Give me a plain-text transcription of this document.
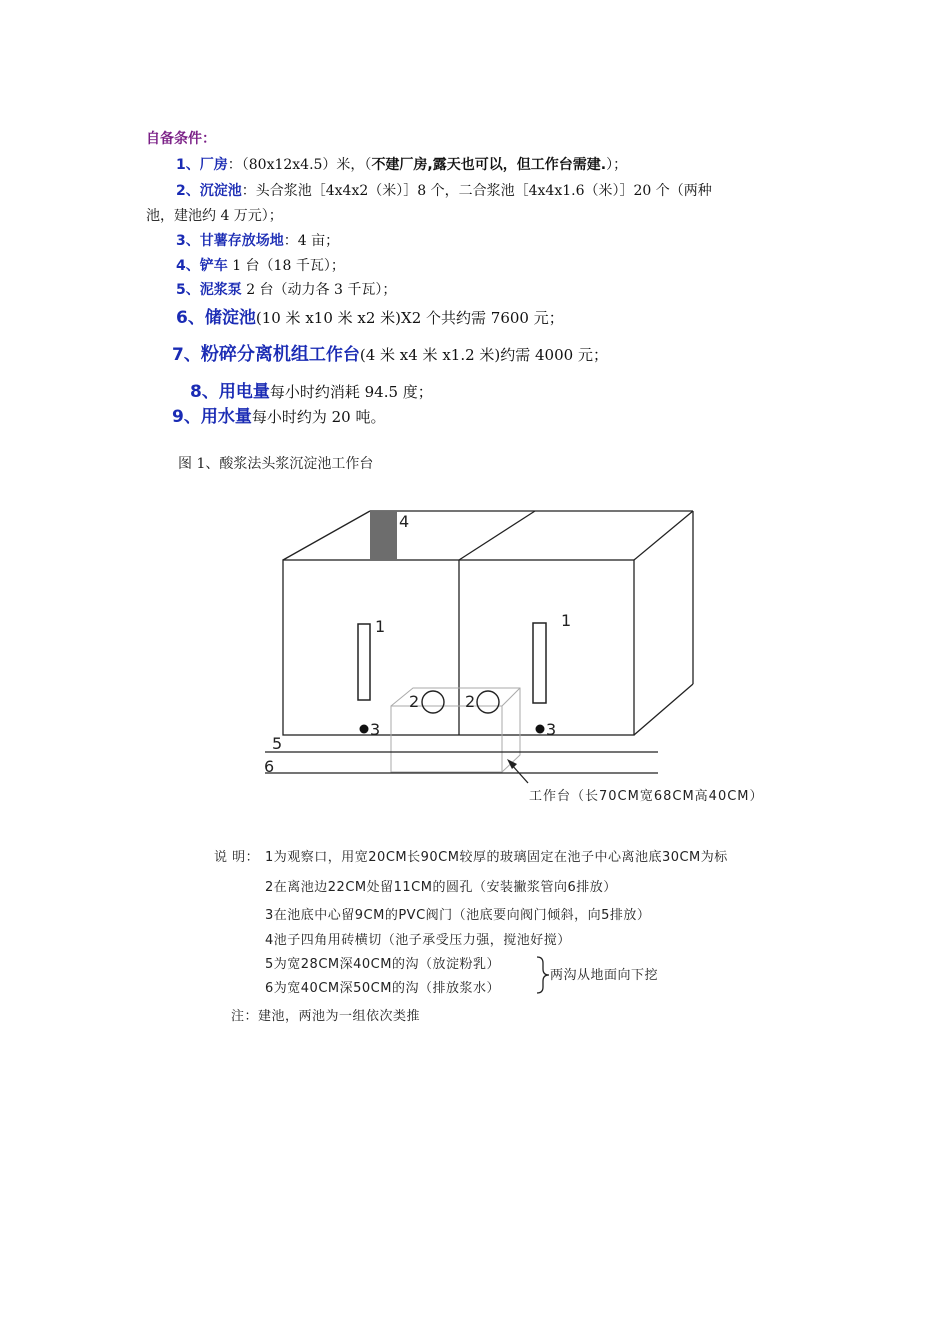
自备条件：
1、厂房：（80x12x4.5）米，（不建厂房,露天也可以，但工作台需建.）；
2、沉淀池：头合浆池［4x4x2（米）］8 个，二合浆池［4x4x1.6（米）］20 个（两种
池，建池约 4 万元）；
3、甘薯存放场地：4 亩；
4、铲车 1 台（18 千瓦）；
5、泥浆泵 2 台（动力各 3 千瓦）；
6、储淀池(10 米 x10 米 x2 米)X2 个共约需 7600 元；
7、粉碎分离机组工作台(4 米 x4 米 x1.2 米)约需 4000 元；
8、用电量每小时约消耗 94.5 度；
9、用水量每小时约为 20 吨。
图 1、酸浆法头浆沉淀池工作台
4
1	1
2	2
3	3
5
6
工作台（长70CM宽68CM高40CM）
说 明： 1为观察口，用宽20CM长90CM较厚的玻璃固定在池子中心离池底30CM为标
2在离池边22CM处留11CM的圆孔（安装撇浆管向6排放）
3在池底中心留9CM的PVC阀门（池底要向阀门倾斜，向5排放）
4池子四角用砖横切（池子承受压力强，搅池好搅）
5为宽28CM深40CM的沟（放淀粉乳）
6为宽40CM深50CM的沟（排放浆水）
两沟从地面向下挖
注：建池，两池为一组依次类推
